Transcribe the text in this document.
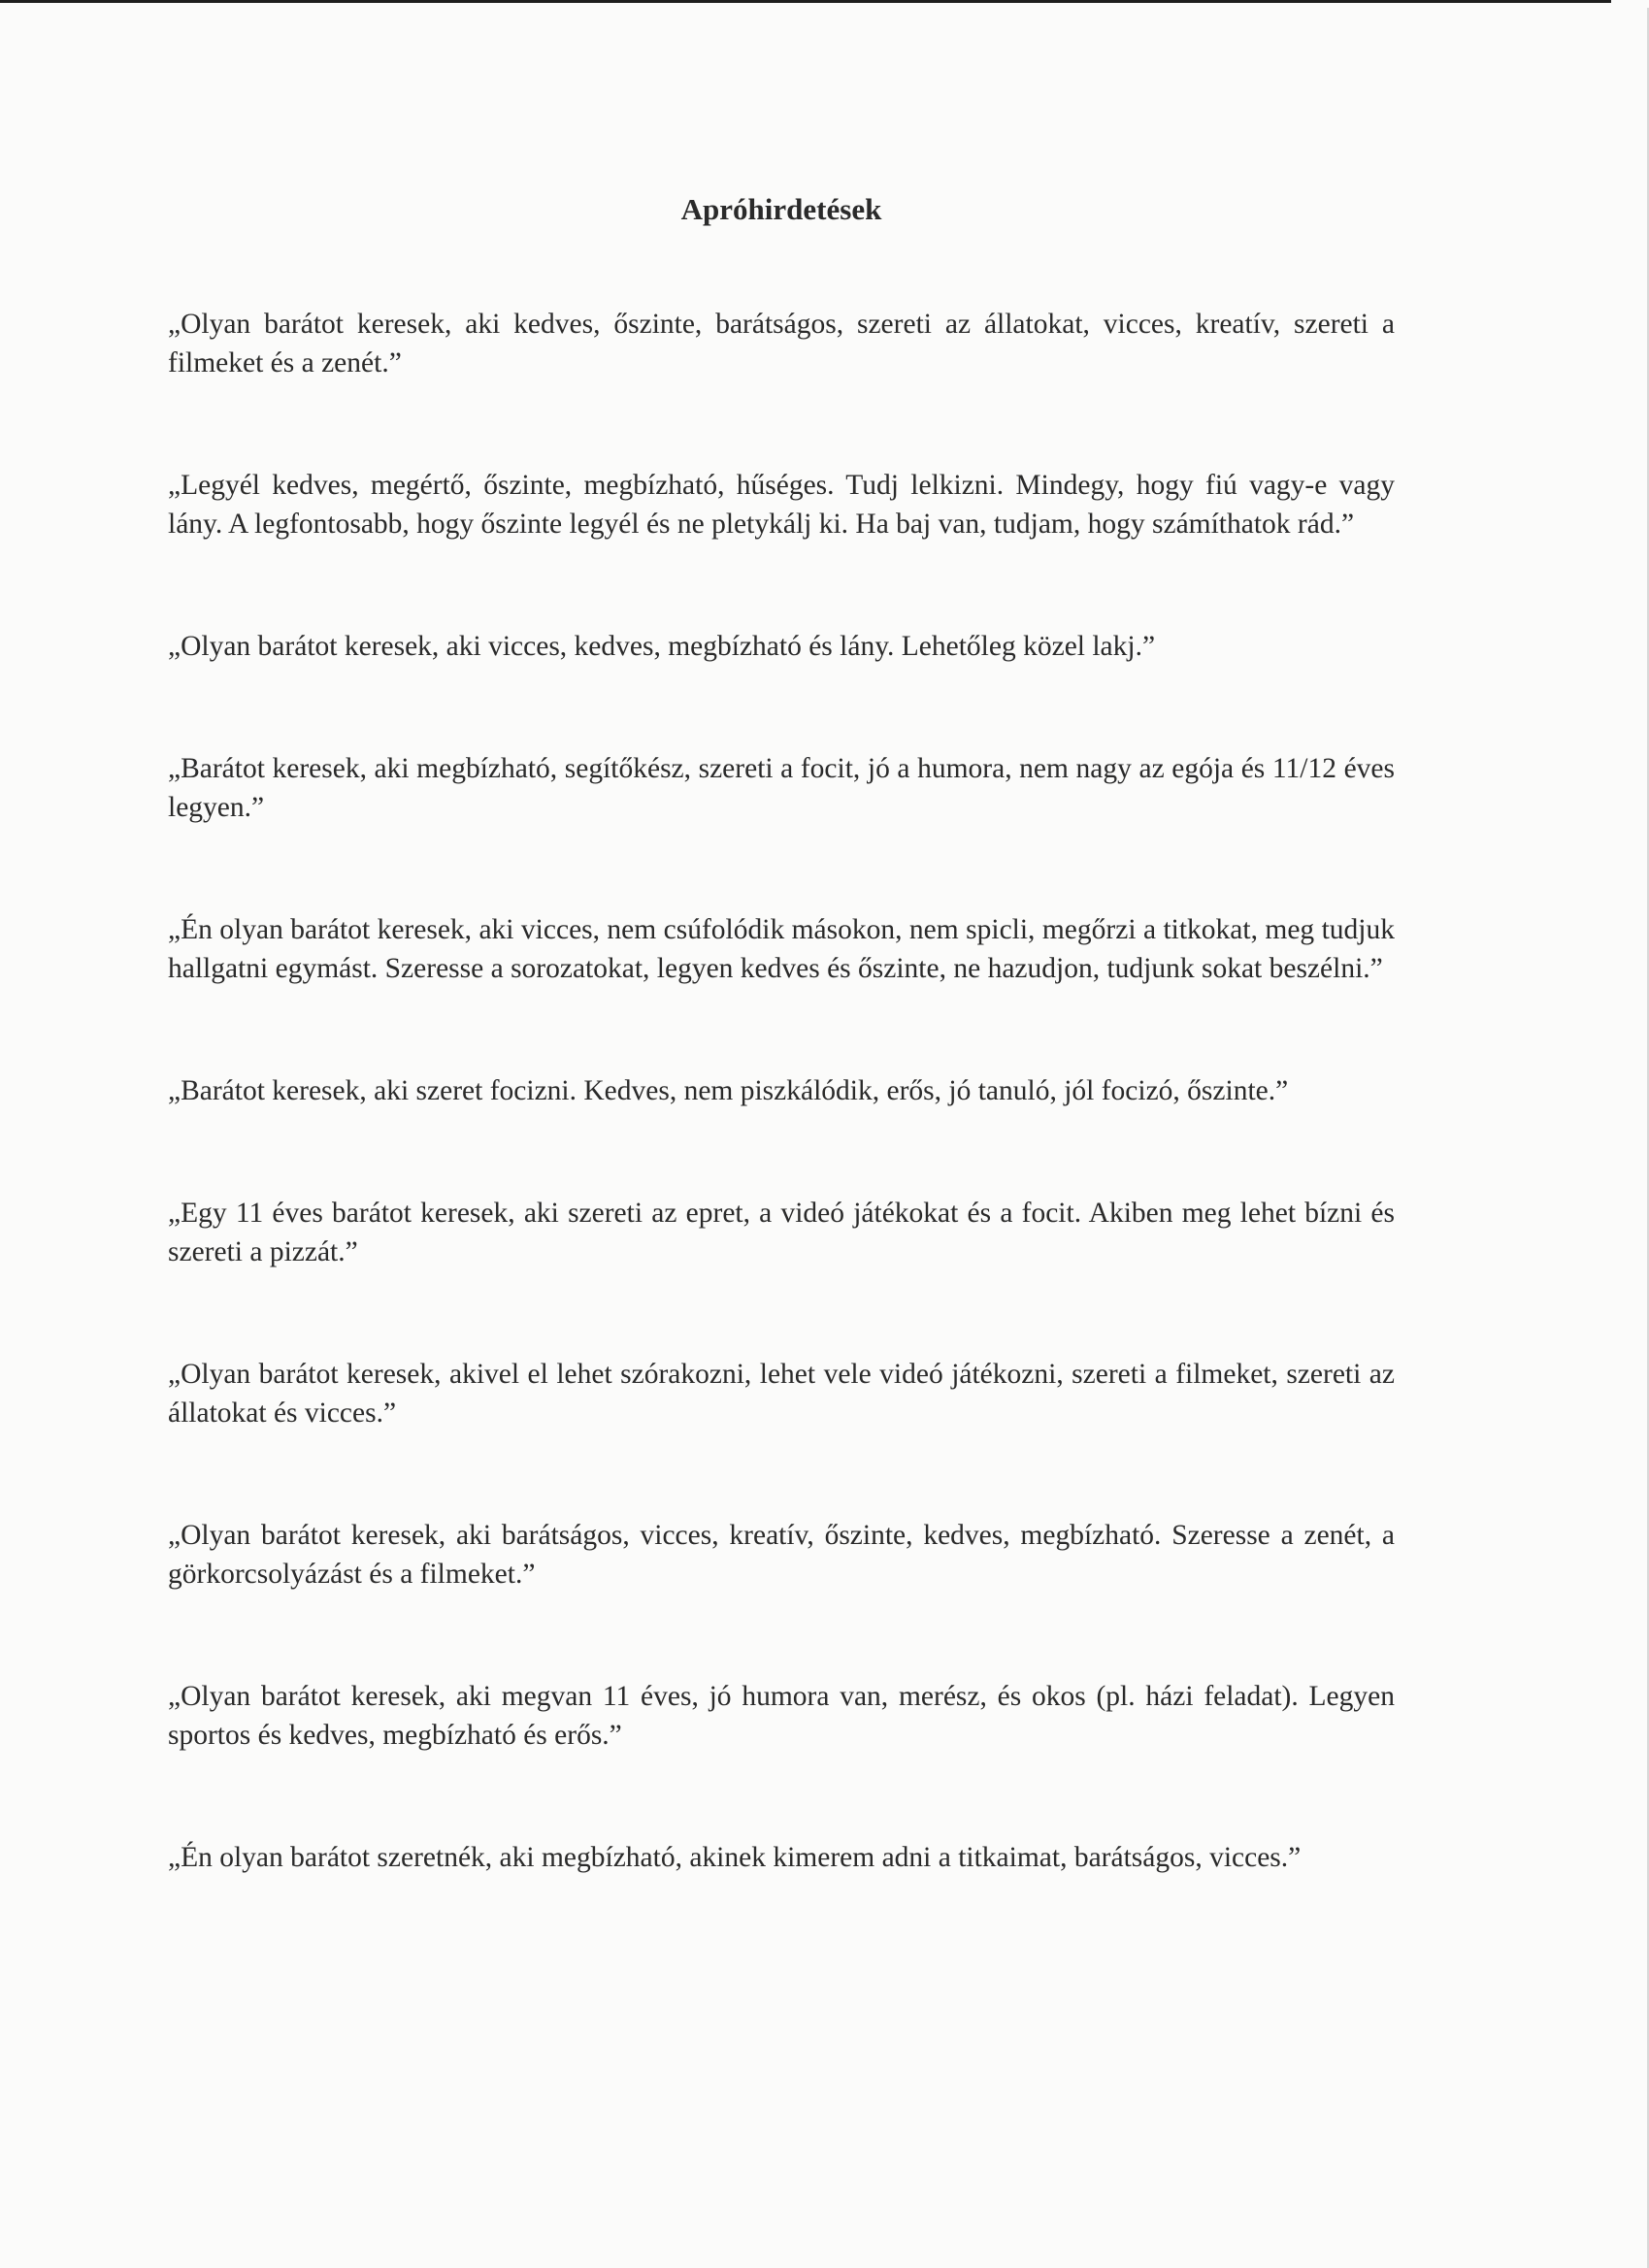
Apróhirdetések

„Olyan barátot keresek, aki kedves, őszinte, barátságos, szereti az állatokat, vicces, kreatív, szereti a filmeket és a zenét.”

„Legyél kedves, megértő, őszinte, megbízható, hűséges. Tudj lelkizni. Mindegy, hogy fiú vagy-e vagy lány. A legfontosabb, hogy őszinte legyél és ne pletykálj ki. Ha baj van, tudjam, hogy számíthatok rád.”

„Olyan barátot keresek, aki vicces, kedves, megbízható és lány. Lehetőleg közel lakj.”

„Barátot keresek, aki megbízható, segítőkész, szereti a focit, jó a humora, nem nagy az egója és 11/12 éves legyen.”

„Én olyan barátot keresek, aki vicces, nem csúfolódik másokon, nem spicli, megőrzi a titkokat, meg tudjuk hallgatni egymást. Szeresse a sorozatokat, legyen kedves és őszinte, ne hazudjon, tudjunk sokat beszélni.”

„Barátot keresek, aki szeret focizni. Kedves, nem piszkálódik, erős, jó tanuló, jól focizó, őszinte.”

„Egy 11 éves barátot keresek, aki szereti az epret, a videó játékokat és a focit. Akiben meg lehet bízni és szereti a pizzát.”

„Olyan barátot keresek, akivel el lehet szórakozni, lehet vele videó játékozni, szereti a filmeket, szereti az állatokat és vicces.”

„Olyan barátot keresek, aki barátságos, vicces, kreatív, őszinte, kedves, megbízható. Szeresse a zenét, a görkorcsolyázást és a filmeket.”

„Olyan barátot keresek, aki megvan 11 éves, jó humora van, merész, és okos (pl. házi feladat). Legyen sportos és kedves, megbízható és erős.”

„Én olyan barátot szeretnék, aki megbízható, akinek kimerem adni a titkaimat, barátságos, vicces.”
